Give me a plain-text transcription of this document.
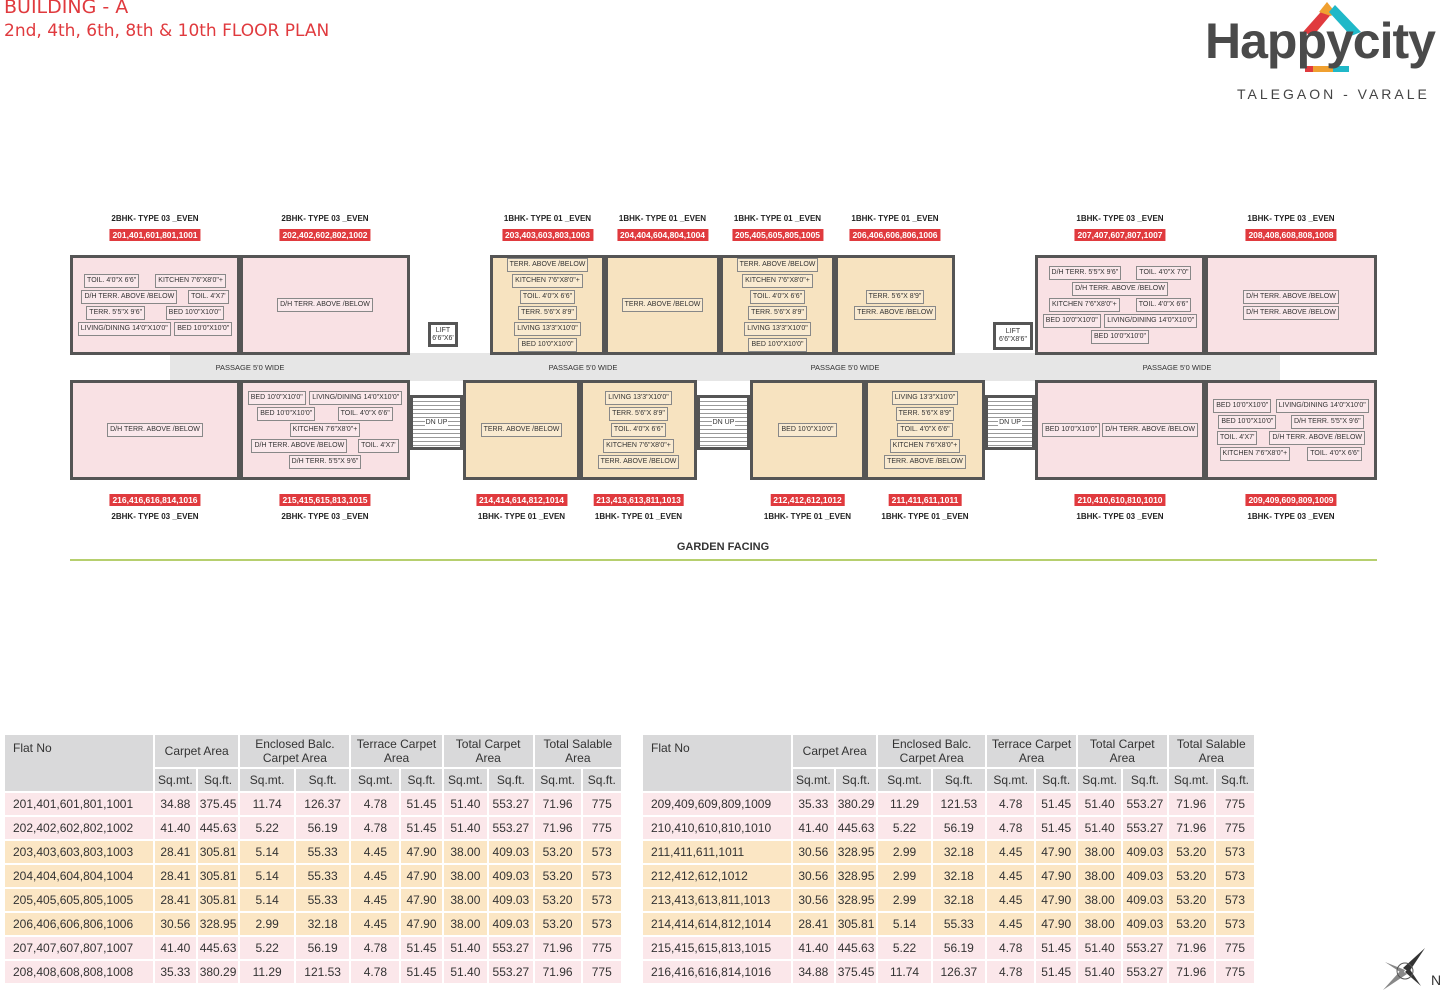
BUILDING - A
2nd, 4th, 6th, 8th & 10th FLOOR PLAN	Happycity
TALEGAON - VARALE
PASSAGE 5'0 WIDE	PASSAGE 5'0 WIDE	PASSAGE 5'0 WIDE	PASSAGE 5'0 WIDE
TOIL. 4'0"X 6'6"	KITCHEN 7'6"X8'0"+
D/H TERR. ABOVE /BELOW	TOIL. 4'X7'
TERR. 5'5"X 9'6"	BED 10'0"X10'0"
LIVING/DINING 14'0"X10'0"	BED 10'0"X10'0"
2BHK- TYPE 03 _EVEN
201,401,601,801,1001
D/H TERR. ABOVE /BELOW
2BHK- TYPE 03 _EVEN
202,402,602,802,1002
TERR. ABOVE /BELOW
KITCHEN 7'6"X8'0"+
TOIL. 4'0"X 6'6"
TERR. 5'6"X 8'9"
LIVING 13'3"X10'0"
BED 10'0"X10'0"
1BHK- TYPE 01 _EVEN
203,403,603,803,1003
TERR. ABOVE /BELOW
1BHK- TYPE 01 _EVEN
204,404,604,804,1004
TERR. ABOVE /BELOW
KITCHEN 7'6"X8'0"+
TOIL. 4'0"X 6'6"
TERR. 5'6"X 8'9"
LIVING 13'3"X10'0"
BED 10'0"X10'0"
1BHK- TYPE 01 _EVEN
205,405,605,805,1005
TERR. 5'6"X 8'9"
TERR. ABOVE /BELOW
1BHK- TYPE 01 _EVEN
206,406,606,806,1006
D/H TERR. 5'5"X 9'6"	TOIL. 4'0"X 7'0"
D/H TERR. ABOVE /BELOW
KITCHEN 7'6"X8'0"+	TOIL. 4'0"X 6'6"
BED 10'0"X10'0"	LIVING/DINING 14'0"X10'0"
BED 10'0"X10'0"
1BHK- TYPE 03 _EVEN
207,407,607,807,1007
D/H TERR. ABOVE /BELOW
D/H TERR. ABOVE /BELOW
1BHK- TYPE 03 _EVEN
208,408,608,808,1008
D/H TERR. ABOVE /BELOW
2BHK- TYPE 03 _EVEN
216,416,616,814,1016
BED 10'0"X10'0"	LIVING/DINING 14'0"X10'0"
BED 10'0"X10'0"	TOIL. 4'0"X 6'6"
KITCHEN 7'6"X8'0"+
D/H TERR. ABOVE /BELOW	TOIL. 4'X7'
D/H TERR. 5'5"X 9'6"
2BHK- TYPE 03 _EVEN
215,415,615,813,1015
TERR. ABOVE /BELOW
1BHK- TYPE 01 _EVEN
214,414,614,812,1014
LIVING 13'3"X10'0"
TERR. 5'6"X 8'9"
TOIL. 4'0"X 6'6"
KITCHEN 7'6"X8'0"+
TERR. ABOVE /BELOW
1BHK- TYPE 01 _EVEN
213,413,613,811,1013
BED 10'0"X10'0"
1BHK- TYPE 01 _EVEN
212,412,612,1012
LIVING 13'3"X10'0"
TERR. 5'6"X 8'9"
TOIL. 4'0"X 6'6"
KITCHEN 7'6"X8'0"+
TERR. ABOVE /BELOW
1BHK- TYPE 01 _EVEN
211,411,611,1011
BED 10'0"X10'0"	D/H TERR. ABOVE /BELOW
1BHK- TYPE 03 _EVEN
210,410,610,810,1010
BED 10'0"X10'0"	LIVING/DINING 14'0"X10'0"
BED 10'0"X10'0"	D/H TERR. 5'5"X 9'6"
TOIL. 4'X7'	D/H TERR. ABOVE /BELOW
KITCHEN 7'6"X8'0"+	TOIL. 4'0"X 6'6"
1BHK- TYPE 03 _EVEN
209,409,609,809,1009
LIFT 6'6"X6'
LIFT 6'6"X8'6"
DN UP	DN UP	DN UP
GARDEN FACING
Flat No	Carpet Area		Enclosed Balc. Carpet Area		Terrace Carpet Area		Total Carpet Area		Total Salable Area	
	Sq.mt.	Sq.ft.	Sq.mt.	Sq.ft.	Sq.mt.	Sq.ft.	Sq.mt.	Sq.ft.	Sq.mt.	Sq.ft.
201,401,601,801,1001	34.88	375.45	11.74	126.37	4.78	51.45	51.40	553.27	71.96	775
202,402,602,802,1002	41.40	445.63	5.22	56.19	4.78	51.45	51.40	553.27	71.96	775
203,403,603,803,1003	28.41	305.81	5.14	55.33	4.45	47.90	38.00	409.03	53.20	573
204,404,604,804,1004	28.41	305.81	5.14	55.33	4.45	47.90	38.00	409.03	53.20	573
205,405,605,805,1005	28.41	305.81	5.14	55.33	4.45	47.90	38.00	409.03	53.20	573
206,406,606,806,1006	30.56	328.95	2.99	32.18	4.45	47.90	38.00	409.03	53.20	573
207,407,607,807,1007	41.40	445.63	5.22	56.19	4.78	51.45	51.40	553.27	71.96	775
208,408,608,808,1008	35.33	380.29	11.29	121.53	4.78	51.45	51.40	553.27	71.96	775
Flat No	Carpet Area		Enclosed Balc. Carpet Area		Terrace Carpet Area		Total Carpet Area		Total Salable Area	
	Sq.mt.	Sq.ft.	Sq.mt.	Sq.ft.	Sq.mt.	Sq.ft.	Sq.mt.	Sq.ft.	Sq.mt.	Sq.ft.
209,409,609,809,1009	35.33	380.29	11.29	121.53	4.78	51.45	51.40	553.27	71.96	775
210,410,610,810,1010	41.40	445.63	5.22	56.19	4.78	51.45	51.40	553.27	71.96	775
211,411,611,1011	30.56	328.95	2.99	32.18	4.45	47.90	38.00	409.03	53.20	573
212,412,612,1012	30.56	328.95	2.99	32.18	4.45	47.90	38.00	409.03	53.20	573
213,413,613,811,1013	30.56	328.95	2.99	32.18	4.45	47.90	38.00	409.03	53.20	573
214,414,614,812,1014	28.41	305.81	5.14	55.33	4.45	47.90	38.00	409.03	53.20	573
215,415,615,813,1015	41.40	445.63	5.22	56.19	4.78	51.45	51.40	553.27	71.96	775
216,416,616,814,1016	34.88	375.45	11.74	126.37	4.78	51.45	51.40	553.27	71.96	775	N
